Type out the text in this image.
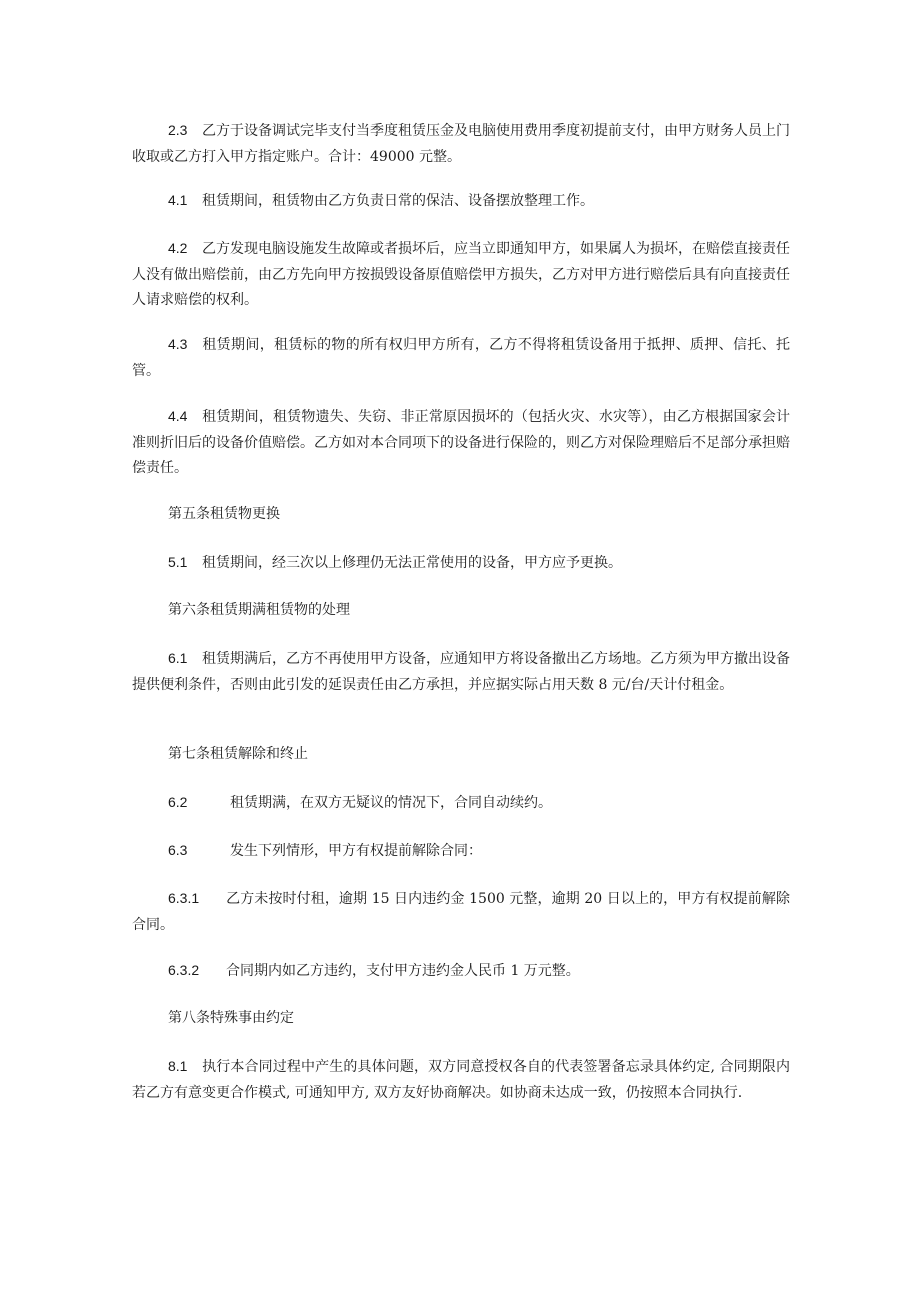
2.3 乙方于设备调试完毕支付当季度租赁压金及电脑使用费用季度初提前支付，由甲方财务人员上门收取或乙方打入甲方指定账户。合计：49000 元整。
4.1 租赁期间，租赁物由乙方负责日常的保洁、设备摆放整理工作。
4.2 乙方发现电脑设施发生故障或者损坏后，应当立即通知甲方，如果属人为损坏，在赔偿直接责任人没有做出赔偿前，由乙方先向甲方按损毁设备原值赔偿甲方损失，乙方对甲方进行赔偿后具有向直接责任人请求赔偿的权利。
4.3 租赁期间，租赁标的物的所有权归甲方所有，乙方不得将租赁设备用于抵押、质押、信托、托管。
4.4 租赁期间，租赁物遗失、失窃、非正常原因损坏的（包括火灾、水灾等），由乙方根据国家会计准则折旧后的设备价值赔偿。乙方如对本合同项下的设备进行保险的，则乙方对保险理赔后不足部分承担赔偿责任。
第五条租赁物更换
5.1 租赁期间，经三次以上修理仍无法正常使用的设备，甲方应予更换。
第六条租赁期满租赁物的处理
6.1 租赁期满后，乙方不再使用甲方设备，应通知甲方将设备撤出乙方场地。乙方须为甲方撤出设备提供便利条件，否则由此引发的延误责任由乙方承担，并应据实际占用天数 8 元/台/天计付租金。
第七条租赁解除和终止
6.2	租赁期满，在双方无疑议的情况下，合同自动续约。
6.3	发生下列情形，甲方有权提前解除合同：
6.3.1 乙方未按时付租，逾期 15 日内违约金 1500 元整，逾期 20 日以上的，甲方有权提前解除合同。
6.3.2 合同期内如乙方违约，支付甲方违约金人民币 1 万元整。
第八条特殊事由约定
8.1 执行本合同过程中产生的具体问题，双方同意授权各自的代表签署备忘录具体约定, 合同期限内若乙方有意变更合作模式, 可通知甲方, 双方友好协商解决。如协商未达成一致，仍按照本合同执行.
